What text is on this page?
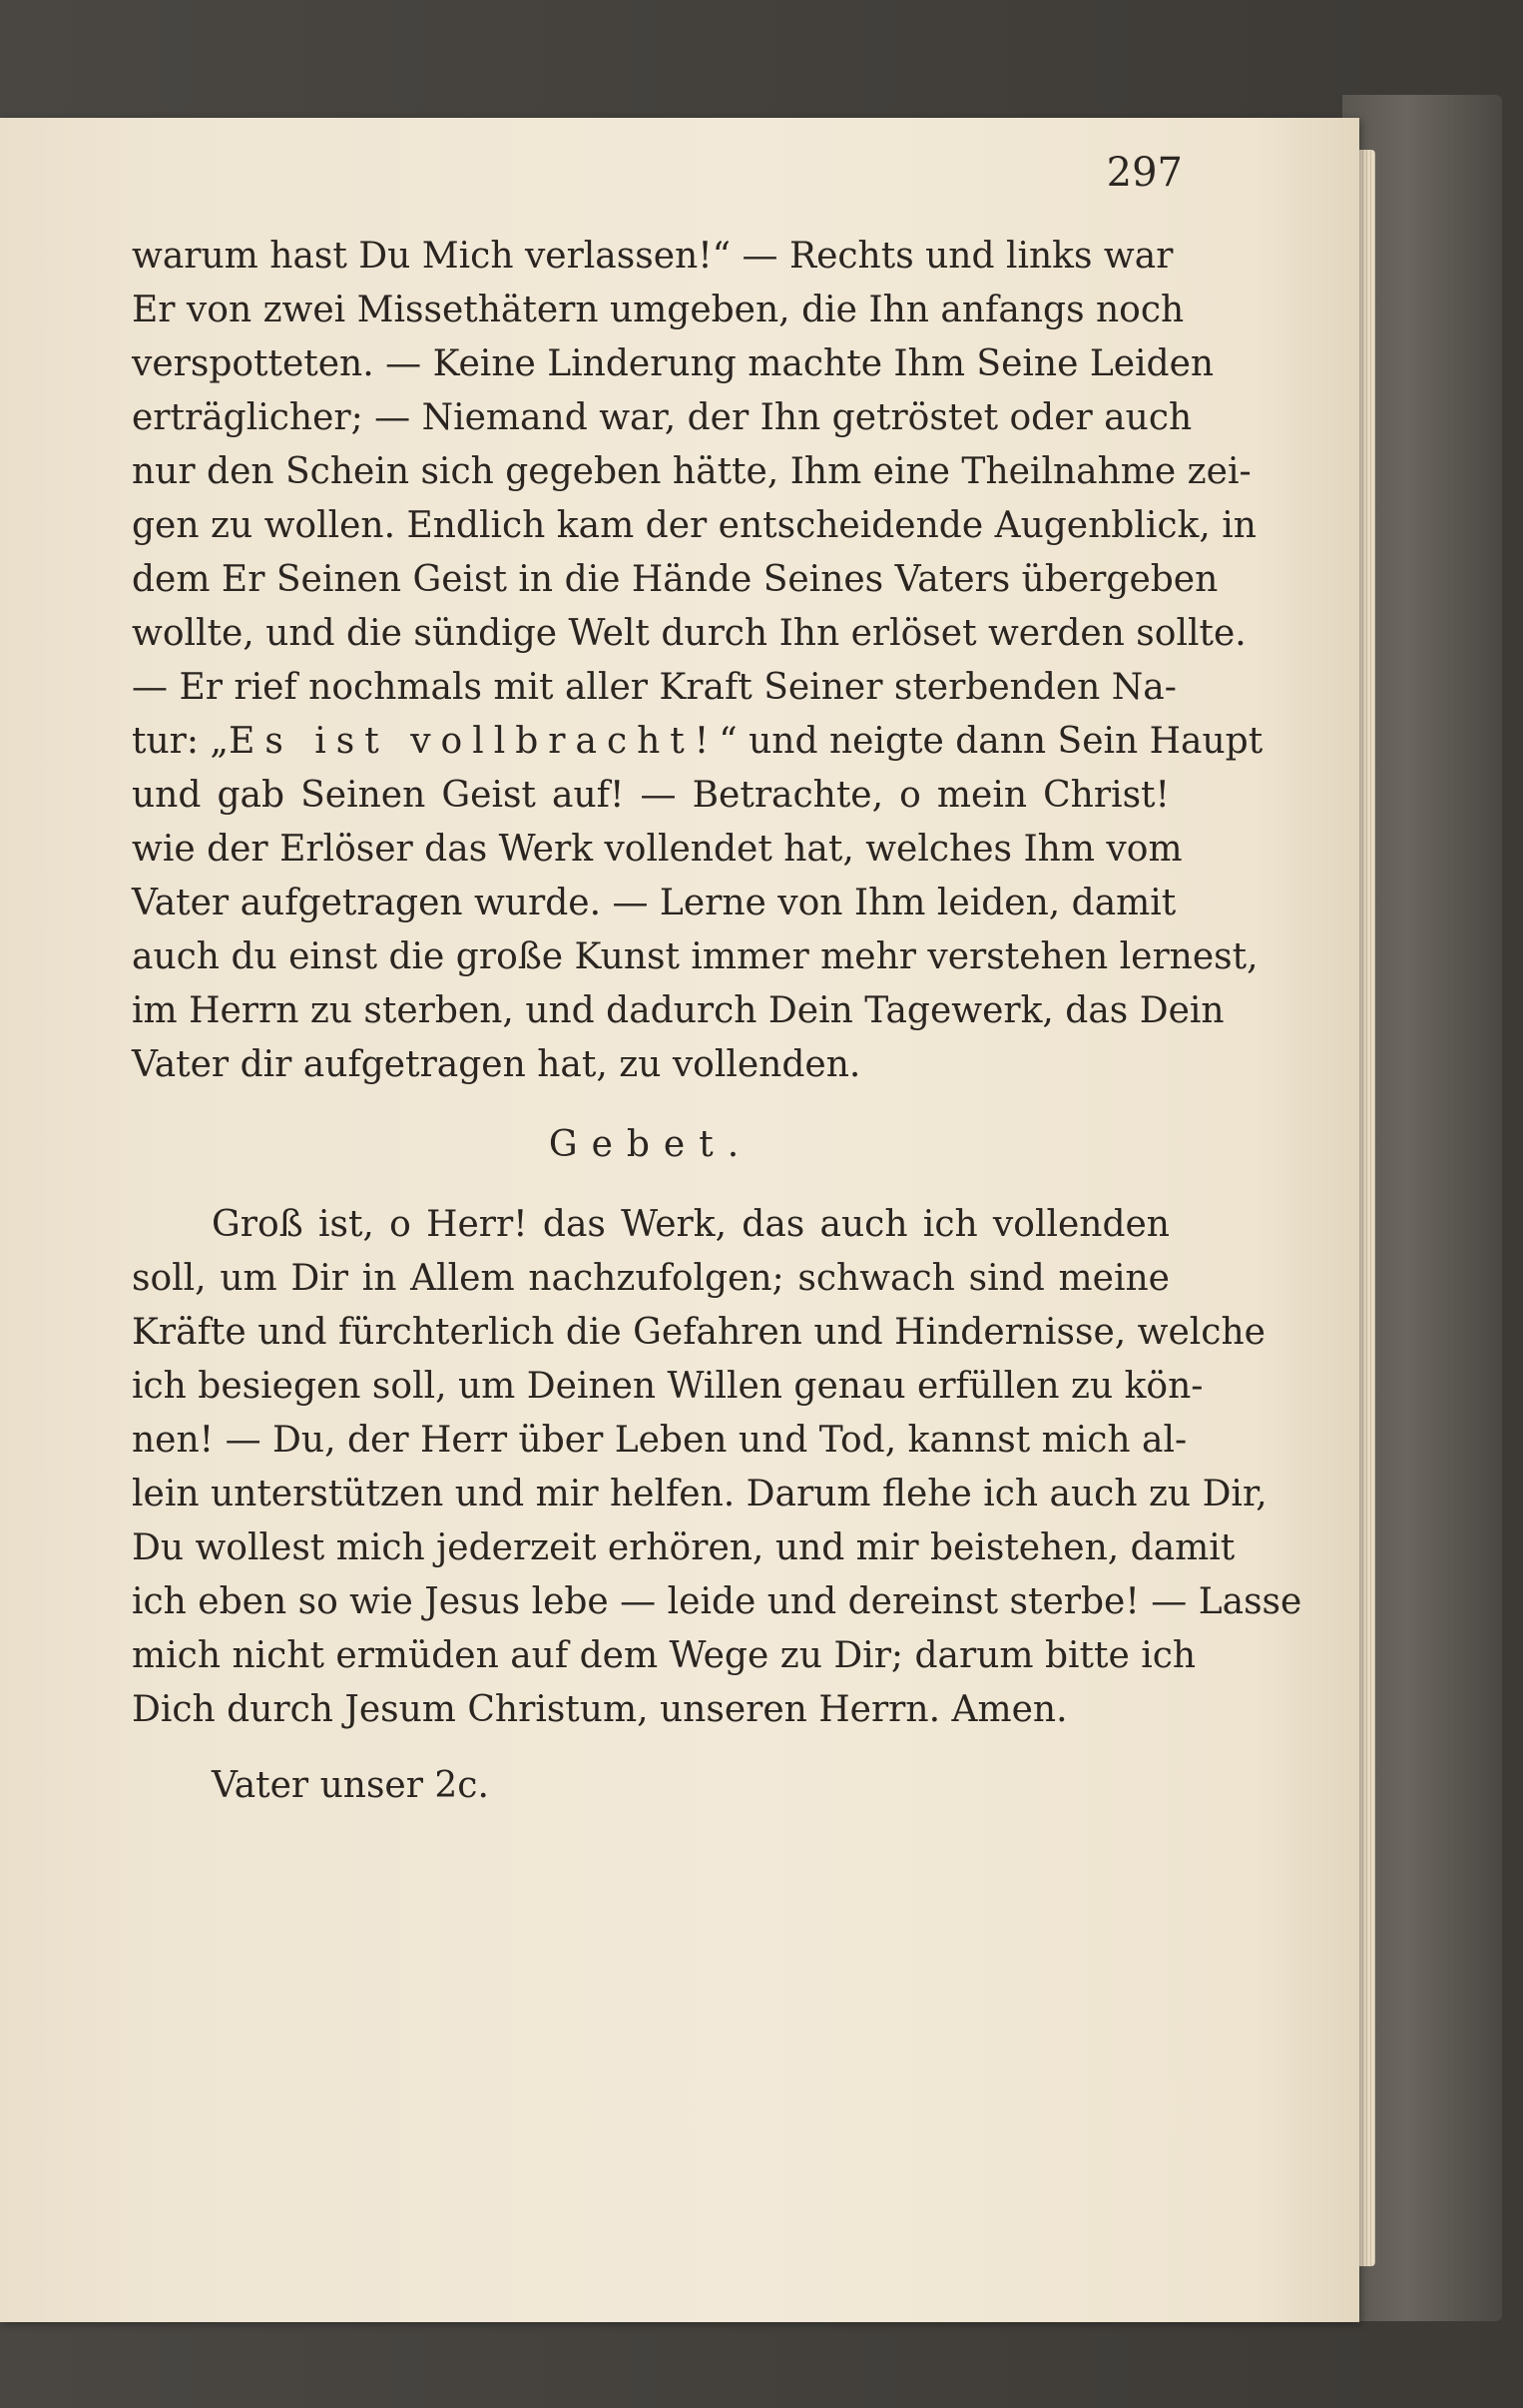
297
warum hast Du Mich verlassen!“ — Rechts und links war
Er von zwei Missethätern umgeben, die Ihn anfangs noch
verspotteten. — Keine Linderung machte Ihm Seine Leiden
erträglicher; — Niemand war, der Ihn getröstet oder auch
nur den Schein sich gegeben hätte, Ihm eine Theilnahme zei-
gen zu wollen. Endlich kam der entscheidende Augenblick, in
dem Er Seinen Geist in die Hände Seines Vaters übergeben
wollte, und die sündige Welt durch Ihn erlöset werden sollte.
— Er rief nochmals mit aller Kraft Seiner sterbenden Na-
tur: „Es ist vollbracht!“ und neigte dann Sein Haupt
und gab Seinen Geist auf! — Betrachte, o mein Christ!
wie der Erlöser das Werk vollendet hat, welches Ihm vom
Vater aufgetragen wurde. — Lerne von Ihm leiden, damit
auch du einst die große Kunst immer mehr verstehen lernest,
im Herrn zu sterben, und dadurch Dein Tagewerk, das Dein
Vater dir aufgetragen hat, zu vollenden.
Gebet.
Groß ist, o Herr! das Werk, das auch ich vollenden
soll, um Dir in Allem nachzufolgen; schwach sind meine
Kräfte und fürchterlich die Gefahren und Hindernisse, welche
ich besiegen soll, um Deinen Willen genau erfüllen zu kön-
nen! — Du, der Herr über Leben und Tod, kannst mich al-
lein unterstützen und mir helfen. Darum flehe ich auch zu Dir,
Du wollest mich jederzeit erhören, und mir beistehen, damit
ich eben so wie Jesus lebe — leide und dereinst sterbe! — Lasse
mich nicht ermüden auf dem Wege zu Dir; darum bitte ich
Dich durch Jesum Christum, unseren Herrn. Amen.
Vater unser 2c.
